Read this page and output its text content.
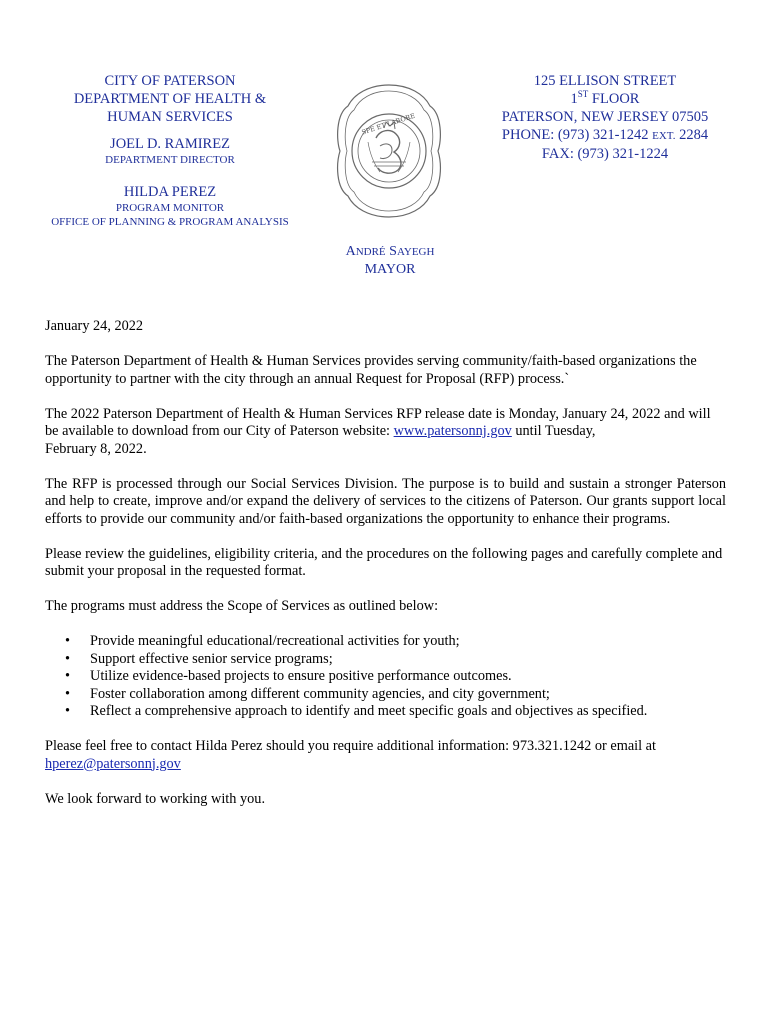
CITY OF PATERSON
DEPARTMENT OF HEALTH &
HUMAN SERVICES
JOEL D. RAMIREZ
DEPARTMENT DIRECTOR
HILDA PEREZ
PROGRAM MONITOR
OFFICE OF PLANNING & PROGRAM ANALYSIS
SPE ET LABORE
125 ELLISON STREET
1ST FLOOR
PATERSON, NEW JERSEY 07505
PHONE: (973) 321-1242 EXT. 2284
FAX: (973) 321-1224
ANDRÉ SAYEGH
MAYOR

January 24, 2022

The Paterson Department of Health & Human Services provides serving community/faith-based organizations the opportunity to partner with the city through an annual Request for Proposal (RFP) process.`

The 2022 Paterson Department of Health & Human Services RFP release date is Monday, January 24, 2022 and will be available to download from our City of Paterson website: www.patersonnj.gov until Tuesday,
February 8, 2022.

The RFP is processed through our Social Services Division. The purpose is to build and sustain a stronger Paterson and help to create, improve and/or expand the delivery of services to the citizens of Paterson. Our grants support local efforts to provide our community and/or faith-based organizations the opportunity to enhance their programs.

Please review the guidelines, eligibility criteria, and the procedures on the following pages and carefully complete and submit your proposal in the requested format.

The programs must address the Scope of Services as outlined below:

• Provide meaningful educational/recreational activities for youth;
• Support effective senior service programs;
• Utilize evidence-based projects to ensure positive performance outcomes.
• Foster collaboration among different community agencies, and city government;
• Reflect a comprehensive approach to identify and meet specific goals and objectives as specified.

Please feel free to contact Hilda Perez should you require additional information: 973.321.1242 or email at
hperez@patersonnj.gov

We look forward to working with you.
